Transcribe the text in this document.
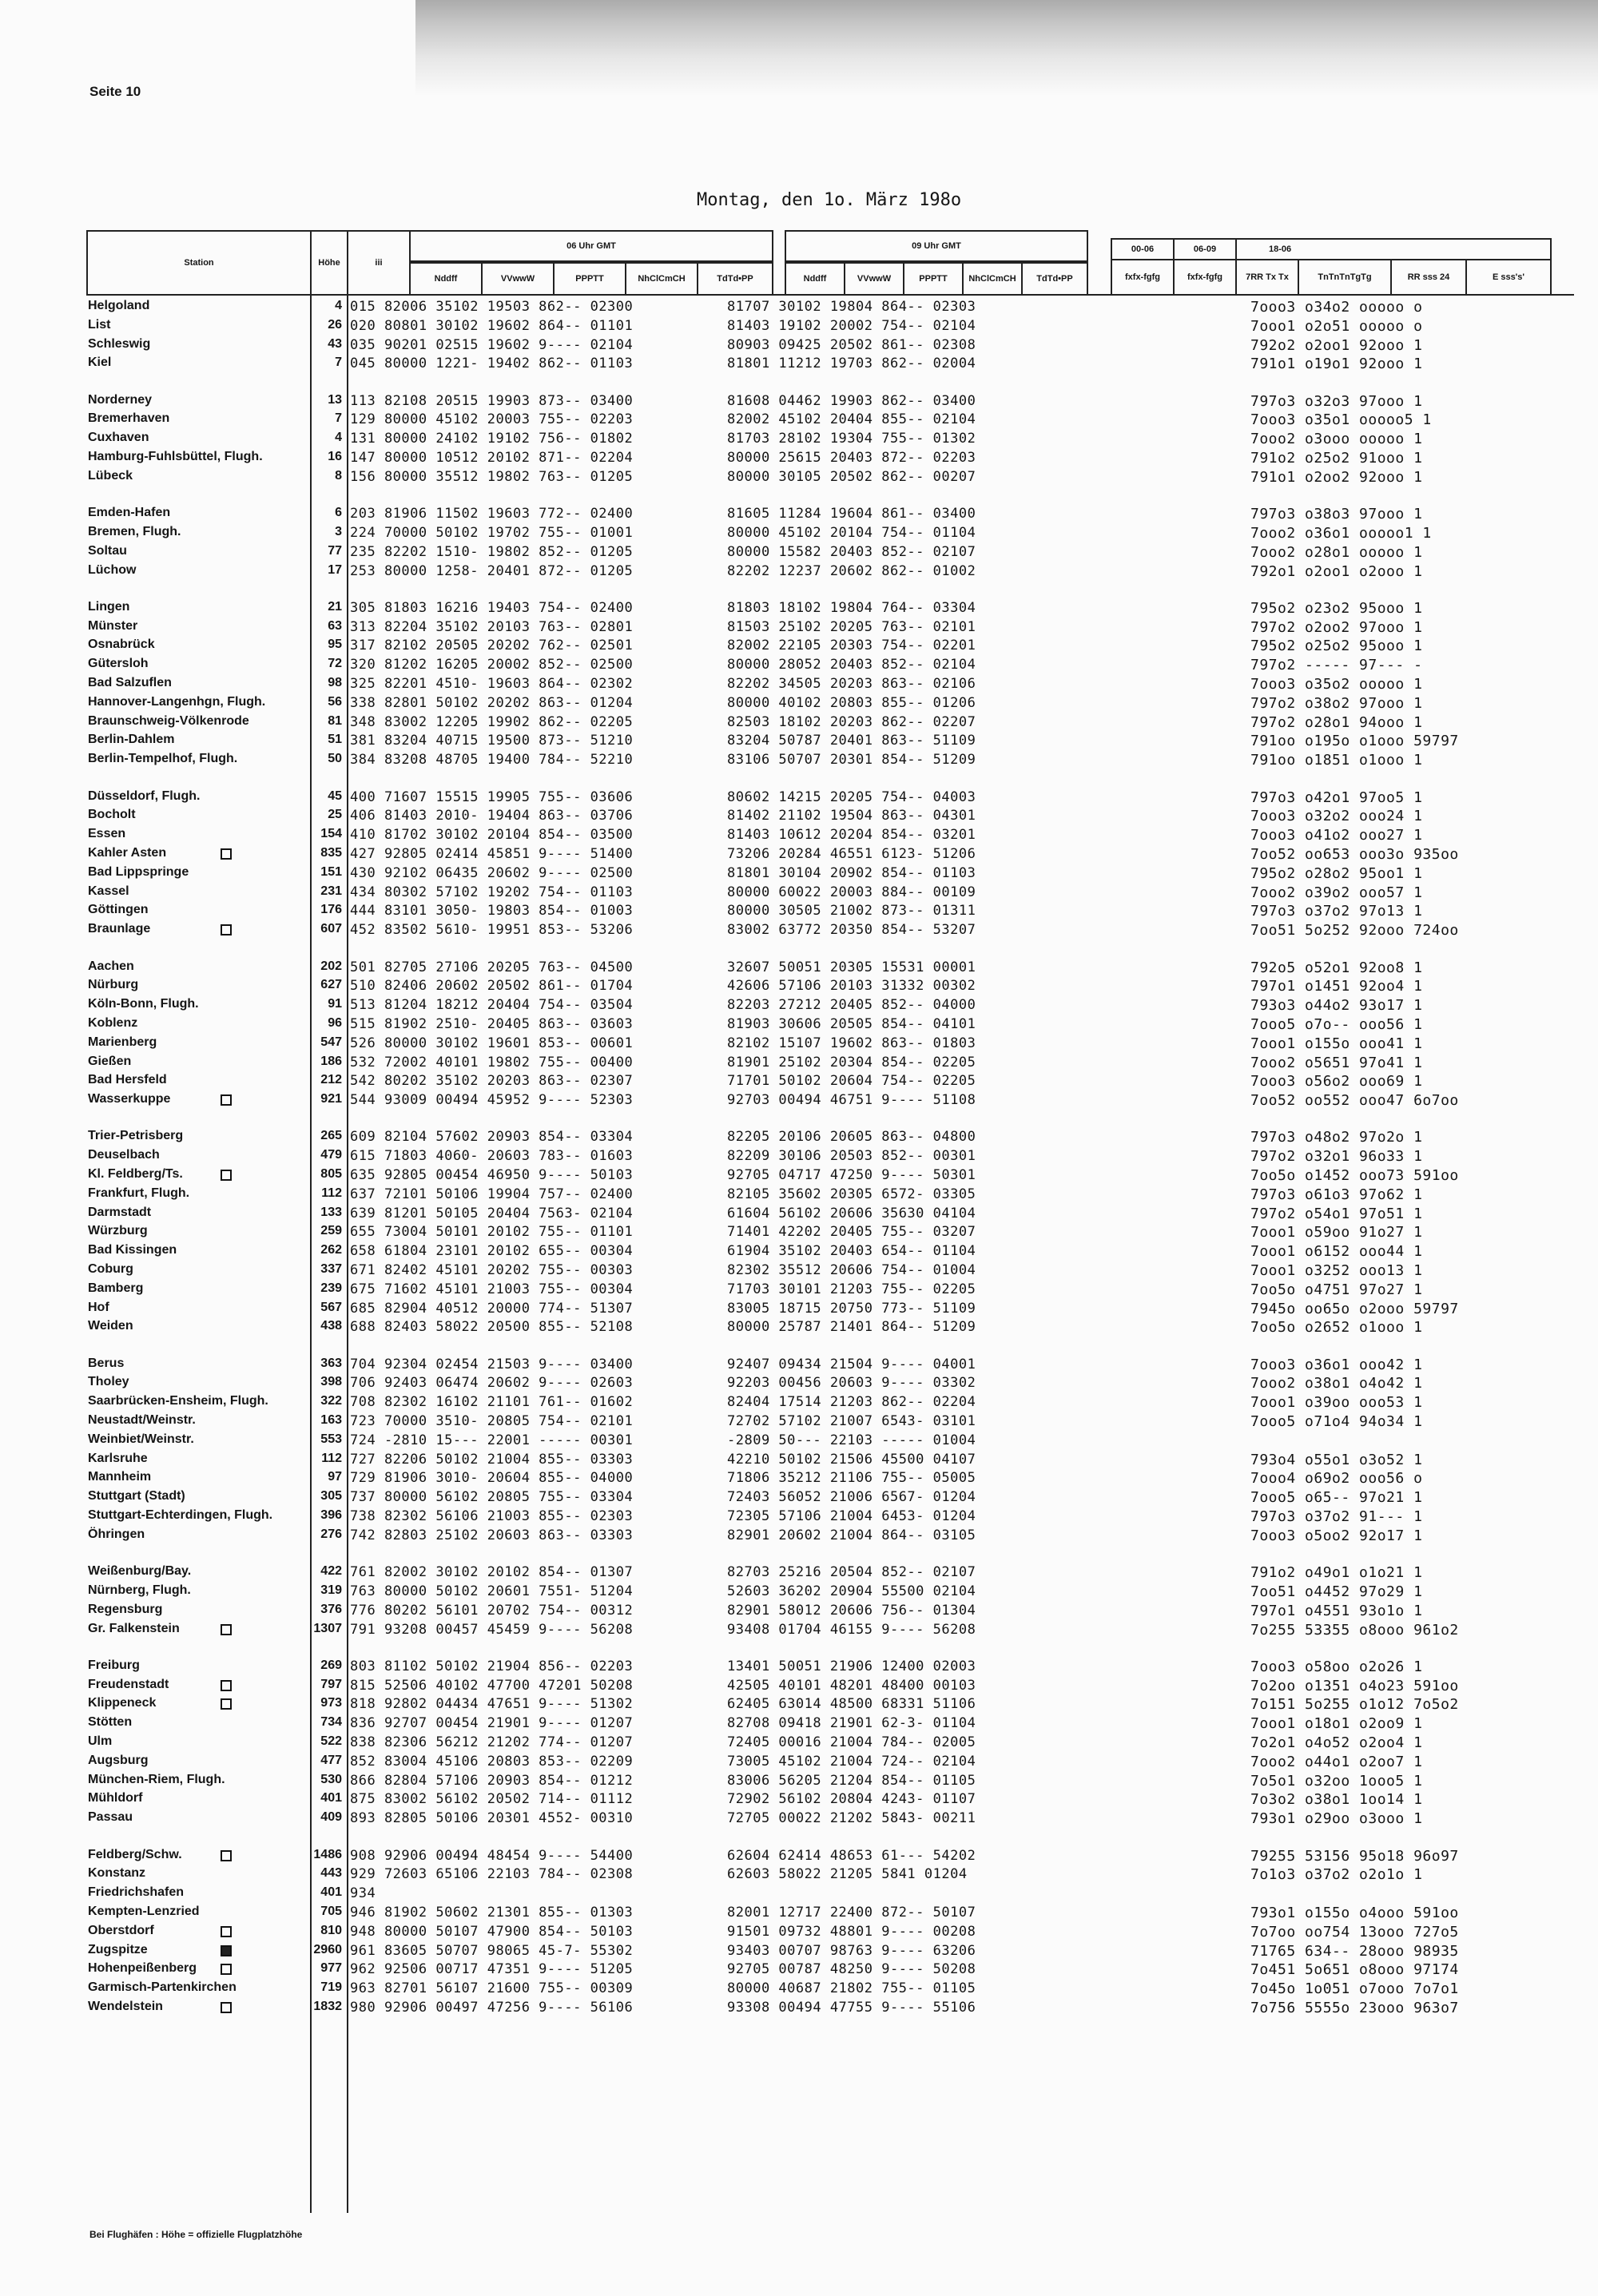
Seite 10
Montag, den 1o. März 198o
Station	Höhe	iii
06 Uhr GMT	09 Uhr GMT
Nddff	VVwwW	PPPTT	NhClCmCH	TdTd•PP	Nddff	VVwwW	PPPTT	NhClCmCH	TdTd•PP
00-06	06-09	18-06
fxfx-fgfg	fxfx-fgfg	7RR Tx Tx	TnTnTnTgTg	RR sss 24	E sss's'
Helgoland	4 015 82006 35102 19503 862-- 02300	81707 30102 19804 864-- 02303	7ooo3 o34o2 ooooo o
List	26 020 80801 30102 19602 864-- 01101	81403 19102 20002 754-- 02104	7ooo1 o2o51 ooooo o
Schleswig	43 035 90201 02515 19602 9---- 02104	80903 09425 20502 861-- 02308	792o2 o2oo1 92ooo 1
Kiel	7 045 80000 1221- 19402 862-- 01103	81801 11212 19703 862-- 02004	791o1 o19o1 92ooo 1
Norderney	13 113 82108 20515 19903 873-- 03400	81608 04462 19903 862-- 03400	797o3 o32o3 97ooo 1
Bremerhaven	7 129 80000 45102 20003 755-- 02203	82002 45102 20404 855-- 02104	7ooo3 o35o1 ooooo5 1
Cuxhaven	4 131 80000 24102 19102 756-- 01802	81703 28102 19304 755-- 01302	7ooo2 o3ooo ooooo 1
Hamburg-Fuhlsbüttel, Flugh.	16 147 80000 10512 20102 871-- 02204	80000 25615 20403 872-- 02203	791o2 o25o2 91ooo 1
Lübeck	8 156 80000 35512 19802 763-- 01205	80000 30105 20502 862-- 00207	791o1 o2oo2 92ooo 1
Emden-Hafen	6 203 81906 11502 19603 772-- 02400	81605 11284 19604 861-- 03400	797o3 o38o3 97ooo 1
Bremen, Flugh.	3 224 70000 50102 19702 755-- 01001	80000 45102 20104 754-- 01104	7ooo2 o36o1 ooooo1 1
Soltau	77 235 82202 1510- 19802 852-- 01205	80000 15582 20403 852-- 02107	7ooo2 o28o1 ooooo 1
Lüchow	17 253 80000 1258- 20401 872-- 01205	82202 12237 20602 862-- 01002	792o1 o2oo1 o2ooo 1
Lingen	21 305 81803 16216 19403 754-- 02400	81803 18102 19804 764-- 03304	795o2 o23o2 95ooo 1
Münster	63 313 82204 35102 20103 763-- 02801	81503 25102 20205 763-- 02101	797o2 o2oo2 97ooo 1
Osnabrück	95 317 82102 20505 20202 762-- 02501	82002 22105 20303 754-- 02201	795o2 o25o2 95ooo 1
Gütersloh	72 320 81202 16205 20002 852-- 02500	80000 28052 20403 852-- 02104	797o2 ----- 97--- -
Bad Salzuflen	98 325 82201 4510- 19603 864-- 02302	82202 34505 20203 863-- 02106	7ooo3 o35o2 ooooo 1
Hannover-Langenhgn, Flugh.	56 338 82801 50102 20202 863-- 01204	80000 40102 20803 855-- 01206	797o2 o38o2 97ooo 1
Braunschweig-Völkenrode	81 348 83002 12205 19902 862-- 02205	82503 18102 20203 862-- 02207	797o2 o28o1 94ooo 1
Berlin-Dahlem	51 381 83204 40715 19500 873-- 51210	83204 50787 20401 863-- 51109	791oo o195o o1ooo 59797
Berlin-Tempelhof, Flugh.	50 384 83208 48705 19400 784-- 52210	83106 50707 20301 854-- 51209	791oo o1851 o1ooo 1
Düsseldorf, Flugh.	45 400 71607 15515 19905 755-- 03606	80602 14215 20205 754-- 04003	797o3 o42o1 97oo5 1
Bocholt	25 406 81403 2010- 19404 863-- 03706	81402 21102 19504 863-- 04301	7ooo3 o32o2 ooo24 1
Essen	154 410 81702 30102 20104 854-- 03500	81403 10612 20204 854-- 03201	7ooo3 o41o2 ooo27 1
Kahler Asten	835 427 92805 02414 45851 9---- 51400	73206 20284 46551 6123- 51206	7oo52 oo653 ooo3o 935oo
Bad Lippspringe	151 430 92102 06435 20602 9---- 02500	81801 30104 20902 854-- 01103	795o2 o28o2 95oo1 1
Kassel	231 434 80302 57102 19202 754-- 01103	80000 60022 20003 884-- 00109	7ooo2 o39o2 ooo57 1
Göttingen	176 444 83101 3050- 19803 854-- 01003	80000 30505 21002 873-- 01311	797o3 o37o2 97o13 1
Braunlage	607 452 83502 5610- 19951 853-- 53206	83002 63772 20350 854-- 53207	7oo51 5o252 92ooo 724oo
Aachen	202 501 82705 27106 20205 763-- 04500	32607 50051 20305 15531 00001	792o5 o52o1 92oo8 1
Nürburg	627 510 82406 20602 20502 861-- 01704	42606 57106 20103 31332 00302	797o1 o1451 92oo4 1
Köln-Bonn, Flugh.	91 513 81204 18212 20404 754-- 03504	82203 27212 20405 852-- 04000	793o3 o44o2 93o17 1
Koblenz	96 515 81902 2510- 20405 863-- 03603	81903 30606 20505 854-- 04101	7ooo5 o7o-- ooo56 1
Marienberg	547 526 80000 30102 19601 853-- 00601	82102 15107 19602 863-- 01803	7ooo1 o155o ooo41 1
Gießen	186 532 72002 40101 19802 755-- 00400	81901 25102 20304 854-- 02205	7ooo2 o5651 97o41 1
Bad Hersfeld	212 542 80202 35102 20203 863-- 02307	71701 50102 20604 754-- 02205	7ooo3 o56o2 ooo69 1
Wasserkuppe	921 544 93009 00494 45952 9---- 52303	92703 00494 46751 9---- 51108	7oo52 oo552 ooo47 6o7oo
Trier-Petrisberg	265 609 82104 57602 20903 854-- 03304	82205 20106 20605 863-- 04800	797o3 o48o2 97o2o 1
Deuselbach	479 615 71803 4060- 20603 783-- 01603	82209 30106 20503 852-- 00301	797o2 o32o1 96o33 1
Kl. Feldberg/Ts.	805 635 92805 00454 46950 9---- 50103	92705 04717 47250 9---- 50301	7oo5o o1452 ooo73 591oo
Frankfurt, Flugh.	112 637 72101 50106 19904 757-- 02400	82105 35602 20305 6572- 03305	797o3 o61o3 97o62 1
Darmstadt	133 639 81201 50105 20404 7563- 02104	61604 56102 20606 35630 04104	797o2 o54o1 97o51 1
Würzburg	259 655 73004 50101 20102 755-- 01101	71401 42202 20405 755-- 03207	7ooo1 o59oo 91o27 1
Bad Kissingen	262 658 61804 23101 20102 655-- 00304	61904 35102 20403 654-- 01104	7ooo1 o6152 ooo44 1
Coburg	337 671 82402 45101 20202 755-- 00303	82302 35512 20606 754-- 01004	7ooo1 o3252 ooo13 1
Bamberg	239 675 71602 45101 21003 755-- 00304	71703 30101 21203 755-- 02205	7oo5o o4751 97o27 1
Hof	567 685 82904 40512 20000 774-- 51307	83005 18715 20750 773-- 51109	7945o oo65o o2ooo 59797
Weiden	438 688 82403 58022 20500 855-- 52108	80000 25787 21401 864-- 51209	7oo5o o2652 o1ooo 1
Berus	363 704 92304 02454 21503 9---- 03400	92407 09434 21504 9---- 04001	7ooo3 o36o1 ooo42 1
Tholey	398 706 92403 06474 20602 9---- 02603	92203 00456 20603 9---- 03302	7ooo2 o38o1 o4o42 1
Saarbrücken-Ensheim, Flugh.	322 708 82302 16102 21101 761-- 01602	82404 17514 21203 862-- 02204	7ooo1 o39oo ooo53 1
Neustadt/Weinstr.	163 723 70000 3510- 20805 754-- 02101	72702 57102 21007 6543- 03101	7ooo5 o71o4 94o34 1
Weinbiet/Weinstr.	553 724 -2810 15--- 22001 ----- 00301	-2809 50--- 22103 ----- 01004
Karlsruhe	112 727 82206 50102 21004 855-- 03303	42210 50102 21506 45500 04107	793o4 o55o1 o3o52 1
Mannheim	97 729 81906 3010- 20604 855-- 04000	71806 35212 21106 755-- 05005	7ooo4 o69o2 ooo56 o
Stuttgart (Stadt)	305 737 80000 56102 20805 755-- 03304	72403 56052 21006 6567- 01204	7ooo5 o65-- 97o21 1
Stuttgart-Echterdingen, Flugh.	396 738 82302 56106 21003 855-- 02303	72305 57106 21004 6453- 01204	797o3 o37o2 91--- 1
Öhringen	276 742 82803 25102 20603 863-- 03303	82901 20602 21004 864-- 03105	7ooo3 o5oo2 92o17 1
Weißenburg/Bay.	422 761 82002 30102 20102 854-- 01307	82703 25216 20504 852-- 02107	791o2 o49o1 o1o21 1
Nürnberg, Flugh.	319 763 80000 50102 20601 7551- 51204	52603 36202 20904 55500 02104	7oo51 o4452 97o29 1
Regensburg	376 776 80202 56101 20702 754-- 00312	82901 58012 20606 756-- 01304	797o1 o4551 93o1o 1
Gr. Falkenstein	1307 791 93208 00457 45459 9---- 56208	93408 01704 46155 9---- 56208	7o255 53355 o8ooo 961o2
Freiburg	269 803 81102 50102 21904 856-- 02203	13401 50051 21906 12400 02003	7ooo3 o58oo o2o26 1
Freudenstadt	797 815 52506 40102 47700 47201 50208	42505 40101 48201 48400 00103	7o2oo o1351 o4o23 591oo
Klippeneck	973 818 92802 04434 47651 9---- 51302	62405 63014 48500 68331 51106	7o151 5o255 o1o12 7o5o2
Stötten	734 836 92707 00454 21901 9---- 01207	82708 09418 21901 62-3- 01104	7ooo1 o18o1 o2oo9 1
Ulm	522 838 82306 56212 21202 774-- 01207	72405 00016 21004 784-- 02005	7o2o1 o4o52 o2oo4 1
Augsburg	477 852 83004 45106 20803 853-- 02209	73005 45102 21004 724-- 02104	7ooo2 o44o1 o2oo7 1
München-Riem, Flugh.	530 866 82804 57106 20903 854-- 01212	83006 56205 21204 854-- 01105	7o5o1 o32oo 1ooo5 1
Mühldorf	401 875 83002 56102 20502 714-- 01112	72902 56102 20804 4243- 01107	7o3o2 o38o1 1oo14 1
Passau	409 893 82805 50106 20301 4552- 00310	72705 00022 21202 5843- 00211	793o1 o29oo o3ooo 1
Feldberg/Schw.	1486 908 92906 00494 48454 9---- 54400	62604 62414 48653 61--- 54202	79255 53156 95o18 96o97
Konstanz	443 929 72603 65106 22103 784-- 02308	62603 58022 21205 5841 01204	7o1o3 o37o2 o2o1o 1
Friedrichshafen	401 934
Kempten-Lenzried	705 946 81902 50602 21301 855-- 01303	82001 12717 22400 872-- 50107	793o1 o155o o4ooo 591oo
Oberstdorf	810 948 80000 50107 47900 854-- 50103	91501 09732 48801 9---- 00208	7o7oo oo754 13ooo 727o5
Zugspitze	2960 961 83605 50707 98065 45-7- 55302	93403 00707 98763 9---- 63206	71765 634-- 28ooo 98935
Hohenpeißenberg	977 962 92506 00717 47351 9---- 51205	92705 00787 48250 9---- 50208	7o451 5o651 o8ooo 97174
Garmisch-Partenkirchen	719 963 82701 56107 21600 755-- 00309	80000 40687 21802 755-- 01105	7o45o 1o051 o7ooo 7o7o1
Wendelstein	1832 980 92906 00497 47256 9---- 56106	93308 00494 47755 9---- 55106	7o756 5555o 23ooo 963o7
Bei Flughäfen : Höhe = offizielle Flugplatzhöhe
